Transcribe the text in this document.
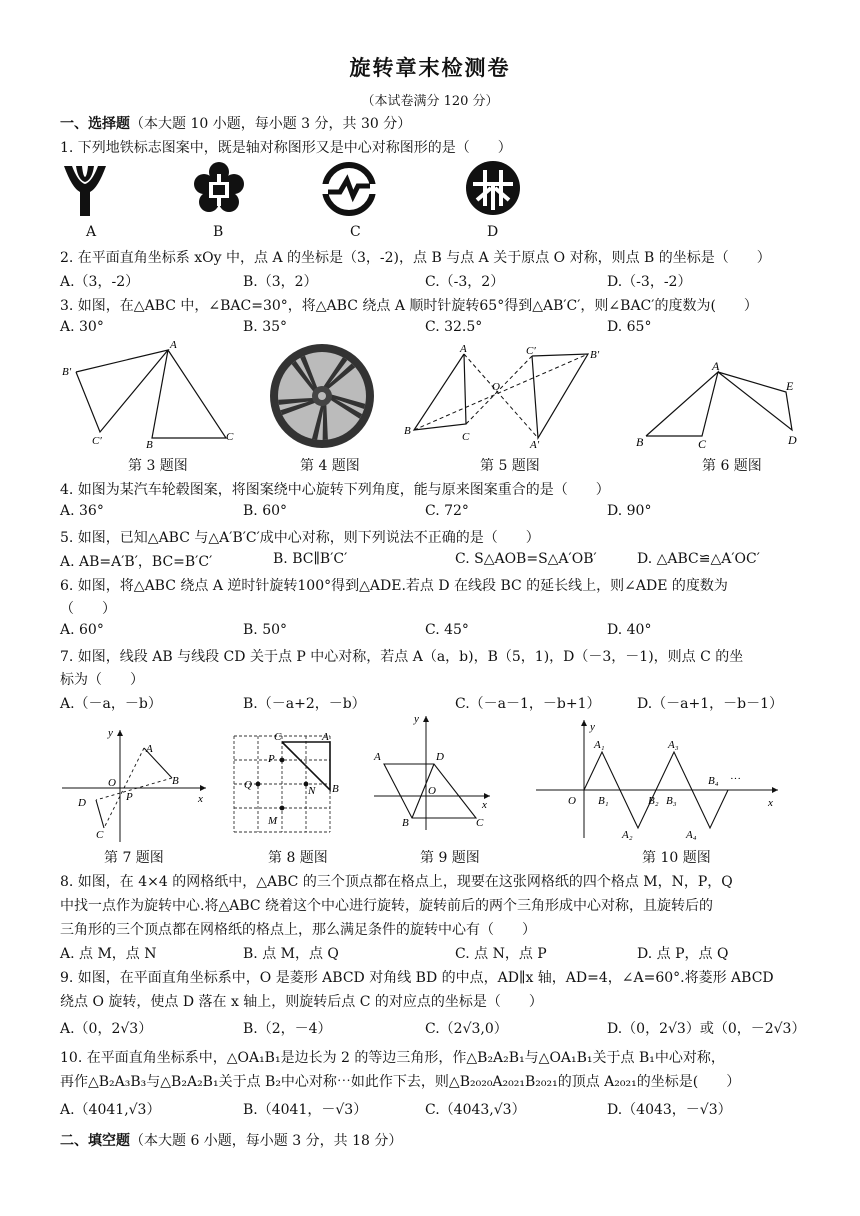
旋转章末检测卷
（本试卷满分 120 分）
一、选择题（本大题 10 小题，每小题 3 分，共 30 分）
1. 下列地铁标志图案中，既是轴对称图形又是中心对称图形的是（　　）
A	B	C	D
2. 在平面直角坐标系 xOy 中，点 A 的坐标是（3，-2)，点 B 与点 A 关于原点 O 对称，则点 B 的坐标是（　　）
A.（3，-2）	B.（3，2）	C.（-3，2）	D.（-3，-2）
3. 如图，在△ABC 中，∠BAC=30°，将△ABC 绕点 A 顺时针旋转65°得到△AB′C′，则∠BAC′的度数为(　　）
A. 30°	B. 35°	C. 32.5°	D. 65°
A
B′
C′	B
C
A	C′	B′
O
B	C
A′
A
E
B	C	D
第 3 题图	第 4 题图	第 5 题图	第 6 题图
4. 如图为某汽车轮毂图案，将图案绕中心旋转下列角度，能与原来图案重合的是（　　）
A. 36°	B. 60°	C. 72°	D. 90°
5. 如图，已知△ABC 与△A′B′C′成中心对称，则下列说法不正确的是（　　）
A. AB=A′B′，BC=B′C′	B. BC∥B′C′	C. S△AOB=S△A′OB′	D. △ABC≌△A′OC′
6. 如图，将△ABC 绕点 A 逆时针旋转100°得到△ADE.若点 D 在线段 BC 的延长线上，则∠ADE 的度数为
（　　）
A. 60°	B. 50°	C. 45°	D. 40°
7. 如图，线段 AB 与线段 CD 关于点 P 中心对称，若点 A（a，b)，B（5，1)，D（－3，－1)，则点 C 的坐
标为（　　）
A.（－a，－b）	B.（－a+2，－b）	C.（－a－1，－b+1）	D.（－a+1，－b－1）
y
A
B
O
P
D
C
x
C	A
P
Q	N B
M
y
A	D
O
B	C
x
y
A₁	A₃
O B₁	B₂ B₃
B₄ ···
A₂	A₄
x
第 7 题图	第 8 题图	第 9 题图	第 10 题图
8. 如图，在 4×4 的网格纸中，△ABC 的三个顶点都在格点上，现要在这张网格纸的四个格点 M，N，P，Q
中找一点作为旋转中心.将△ABC 绕着这个中心进行旋转，旋转前后的两个三角形成中心对称，且旋转后的
三角形的三个顶点都在网格纸的格点上，那么满足条件的旋转中心有（　　）
A. 点 M，点 N	B. 点 M，点 Q	C. 点 N，点 P	D. 点 P，点 Q
9. 如图，在平面直角坐标系中，O 是菱形 ABCD 对角线 BD 的中点，AD∥x 轴，AD=4，∠A=60°.将菱形 ABCD
绕点 O 旋转，使点 D 落在 x 轴上，则旋转后点 C 的对应点的坐标是（　　）
A.（0，2√3）	B.（2，－4）	C.（2√3,0）	D.（0，2√3）或（0，－2√3）
10. 在平面直角坐标系中，△OA₁B₁是边长为 2 的等边三角形，作△B₂A₂B₁与△OA₁B₁关于点 B₁中心对称，
再作△B₂A₃B₃与△B₂A₂B₁关于点 B₂中心对称⋯如此作下去，则△B₂₀₂₀A₂₀₂₁B₂₀₂₁的顶点 A₂₀₂₁的坐标是(　　）
A.（4041,√3）	B.（4041，－√3）	C.（4043,√3）	D.（4043，－√3）
二、填空题（本大题 6 小题，每小题 3 分，共 18 分）
